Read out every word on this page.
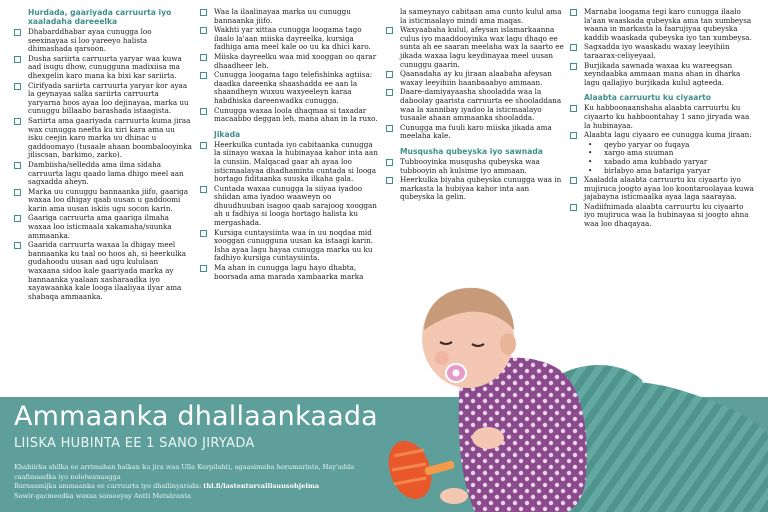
Hurdada, gaariyada carruurta iyo xaaladaha dareeelka
Dhabarddhabar ayaa cunugga loo seexinayaa si loo yareeyo halista dhimashada qarsoon.
Dusha sariirta carruurta yaryar waa kuwa aad isugu dhow, cunugguna madixiisa ma dhexgelin karo mana ka bixi kar sariirta.
Cirifyada sariirta carruurta yaryar kor ayaa la geynayaa salka sariirta carruurta yaryarna hoos ayaa loo dejinayaa, marka uu cunuggu billaabo barashada istaagista.
Sariirta ama gaariyada carruurta kuma jiraa wax cunugga neefta ku xiri kara ama uu isku ceejin karo marka uu dhinac u gaddoomayo (tusaale ahaan boombalooyinka jiliscsan, barkimo, zarko).
Dambiisha/selledda ama ilma sidaha carruurta lagu qaado lama dhigo meel aan sagxadda aheyn.
Marka uu cunuggu bannaanka jiifo, gaariga waxaa loo dhigay qaab uusan u gaddoomi karin ama uusan iskiis ugu socon karin.
Gaariga carruurta ama gaariga ilmaha waxaa loo isticmaala xakamaha/suunka ammaanka.
Gaarida carruurta waxaa la dhigay meel bannaanka ku taal oo hoos ah, si heerkulka gudahoodu uusan aad ugu kululaan waxaana sidoo kale gaariyada marka ay bannaanka yaalaan xasharaadka iyo xayawaanka kale looga ilaaliyaa ilyar ama shabaqa ammaanka.
Waa la ilaalinayaa marka uu cunuggu bannaanka jiifo.
Wakhti yar xittaa cunugga loogama tago ilaalo la'aan miiska dayreelka, kursiga fadhiga ama meel kale oo uu ka dhici karo.
Miiska dayreelku waa mid xooggan oo qarar dhaadheer leh.
Cunugga loogama tago telefishinka agtiisa: daadka dareenka shaashadda ee aan la shaandheyn wuxuu waxyeeleyn karaa habdhiska dareenwadka cunugga.
Cunugga waxaa loola dhaqmaa si taxadar macaabbo deggan leh, mana ahan in la ruxo.
Jikada
Heerkulka cuntada iyo cabitaanka cunugga la siinayo waxaa la hubinayaa kahor inta aan la cunsiin. Malqacad gaar ah ayaa loo isticmaalayaa dhadhaminta cuntada si looga hortago fiditaanka suuska ilkaha gala.
Cuntada waxaa cunugga la siiyaa iyadoo shiidan ama iyadoo waaweyn oo dhuudhuuban isagoo qaab sarajoog xooggan ah u fadhiya si looga hortago halista ku mergashada.
Kursiga cuntaysiinta waa in uu noqdaa mid xooggan cunugguna uusan ka istaagi karin. Isha ayaa lagu hayaa cunugga marka uu ku fadhiyo kursiga cuntaysiinta.
Ma ahan in cunugga lagu hayo dhabta, boorsada ama marada xambaarka marka
la sameynayo cabitaan ama cunto kulul ama la isticmaalayo mindi ama maqas.
Waxyaabaha kulul, afeysan islamarkaanna culus iyo maaddooyinka wax lagu dhaqo ee sunta ah ee saaran meelaha wax la saarto ee jikada waxaa lagu keydinayaa meel uusan cunuggu gaarin.
Qaanadaha ay ku jiraan alaabaha afeysan waxay leeyihiin haanbaaabyo ammaan.
Daare-damiyayaasha shooladda waa la daboolay gaarista carruurta ee shooladdana waa la xannibay iyadoo la isticmaalayo tusaale ahaan ammaanka shooladda.
Cunugga ma fuuli karo miiska jikada ama meelaha kale.
Musqusha qubeyska iyo sawnada
Tubbooyinka musqusha qubeyska waa tubbooyin ah kulsime iyo ammaan.
Heerkulka biyaha qubeyska cunugga waa in markasta la hubiyaa kahor inta aan qubeyska la gelin.
Marnaba loogama tegi karo cunugga ilaalo la'aan waaskada qubeyska ama tan xumbeysa waana in markasta la faarujiyaa qubeyska kaddib waaskada qubeyska iyo tan xumbeysa.
Sagxadda iyo waaskadu waxay leeyihiin taraarax-celiyeyaal.
Burjikada sawnada waxaa ku wareegsan xeyndaabka ammaan mana ahan in dharka lagu qallajiyo burjikada kulul agteeda.
Alaabta carruurtu ku ciyaarto
Ku habboonaanshaha alaabta carruurtu ku ciyaarto ku habboontahay 1 sano jiryada waa la hubinayaa.
Alaabta lagu ciyaaro ee cunugga kuma jiraan:
• qeybo yaryar oo fuqaya
• xargo ama suuman
• xabado ama kubbado yaryar
• birlabyo ama batariga yaryar
Xaaladda alaabta carruurtu ku ciyaarto iyo mujiruca joogto ayaa loo koontaroolayaa kuwa jajabayna isticmaalka ayaa laga saarayaa.
Nadiifnimada alaabta carruurtu ku ciyaarto iyo mujiruca waa la hubinayaa si joogto ahna waa loo dhaqayaa.
Ammaanka dhallaankaada
LIISKA HUBINTA EE 1 SANO JIRYADA
Khabiirka shilka ee arrimahan halkan ku jira waa Ulla Korpilahti, agaasimaha horumarinta, Hay'adda caafimaadka iyo nololwanaagga
Barnaamijka ammaanka ee carruurta iyo dhallinyarada: thl.fi/lastenturvallisuusohjelma
Sawir-gacmeedka waxaa sameeyay Antti Metsäranta
